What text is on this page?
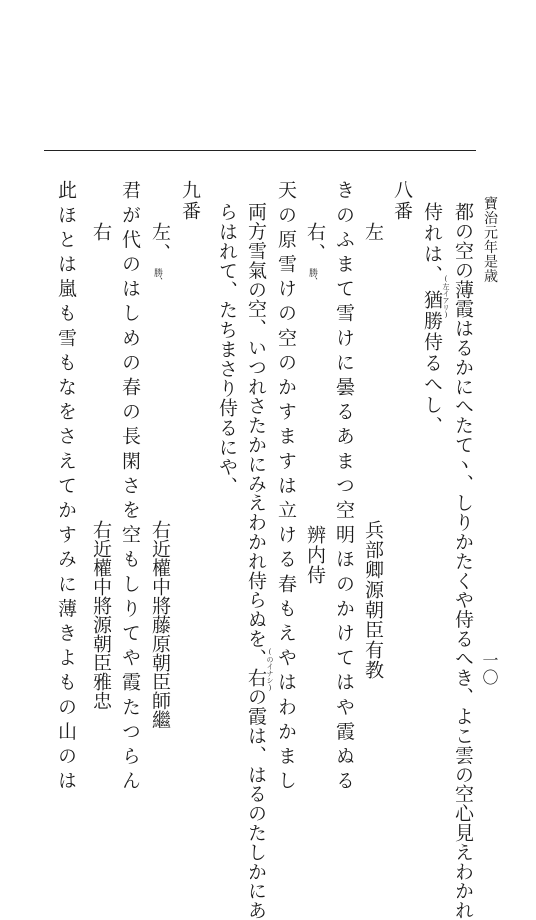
一〇
寶治元年是歳
都の空の薄霞はるかにへたてヽ、しりかたくや侍るへき、よこ雲の空心見えわかれ
侍れは、
(左イアリ)
猶勝侍るへし、
八番
左
兵部卿源朝臣有教
きのふまて雪けに曇るあまつ空明ほのかけてはや霞ぬる
右、
勝、
辨内侍
天の原雪けの空のかすますは立ける春もえやはわかまし
両方雪氣の空、いつれさたかにみえわかれ侍らぬを、右の霞は、はるのたしかにあ (のイナシ)
らはれて、たちまさり侍るにや、
九番
左、
勝、
右近權中將藤原朝臣師繼
君が代のはしめの春の長閑さを空もしりてや霞たつらん
右
右近權中將源朝臣雅忠
此ほとは嵐も雪もなをさえてかすみに薄きよもの山のは
